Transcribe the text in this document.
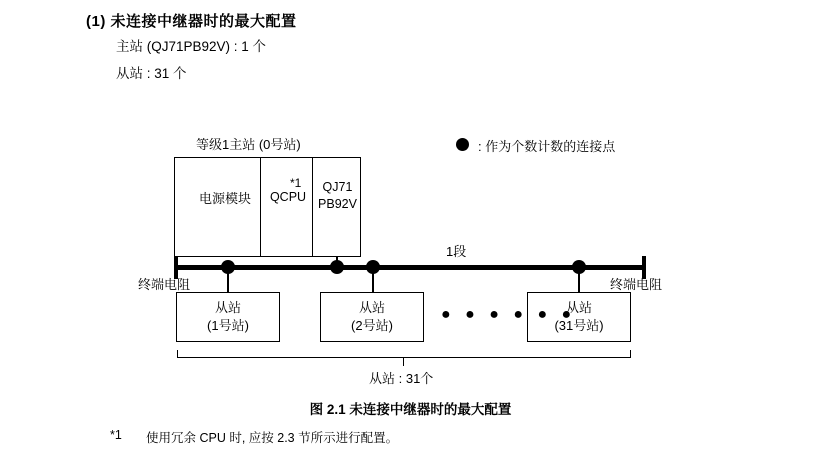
(1) 未连接中继器时的最大配置
主站 (QJ71PB92V) : 1 个
从站 : 31 个
: 作为个数计数的连接点
等级1主站 (0号站)
电源模块	QCPU
*1	QJ71
PB92V
1段
终端电阻	终端电阻
从站
(1号站)
从站
(2号站)
从站
(31号站)
● ● ● ● ● ●
从站 : 31个
图 2.1 未连接中继器时的最大配置
*1 使用冗余 CPU 时, 应按 2.3 节所示进行配置。
